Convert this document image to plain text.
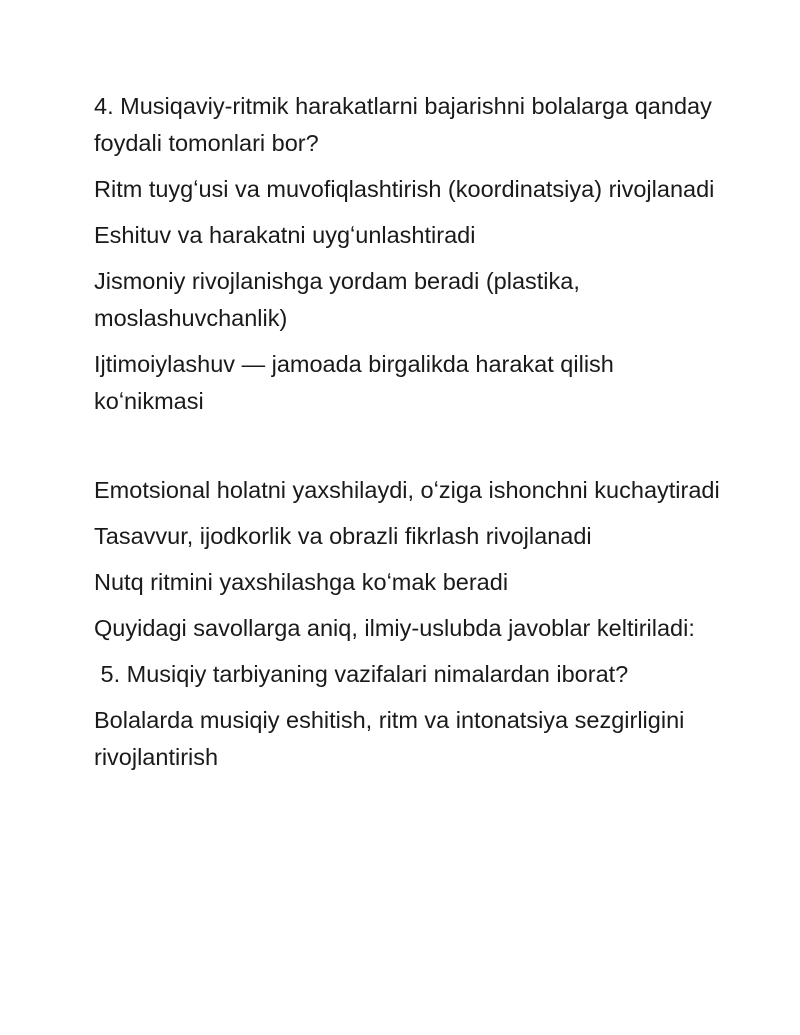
4. Musiqaviy-ritmik harakatlarni bajarishni bolalarga qanday foydali tomonlari bor?

Ritm tuygʻusi va muvofiqlashtirish (koordinatsiya) rivojlanadi

Eshituv va harakatni uygʻunlashtiradi

Jismoniy rivojlanishga yordam beradi (plastika, moslashuvchanlik)

Ijtimoiylashuv — jamoada birgalikda harakat qilish koʻnikmasi

Emotsional holatni yaxshilaydi, oʻziga ishonchni kuchaytiradi

Tasavvur, ijodkorlik va obrazli fikrlash rivojlanadi

Nutq ritmini yaxshilashga koʻmak beradi

Quyidagi savollarga aniq, ilmiy-uslubda javoblar keltiriladi:

5. Musiqiy tarbiyaning vazifalari nimalardan iborat?

Bolalarda musiqiy eshitish, ritm va intonatsiya sezgirligini rivojlantirish
